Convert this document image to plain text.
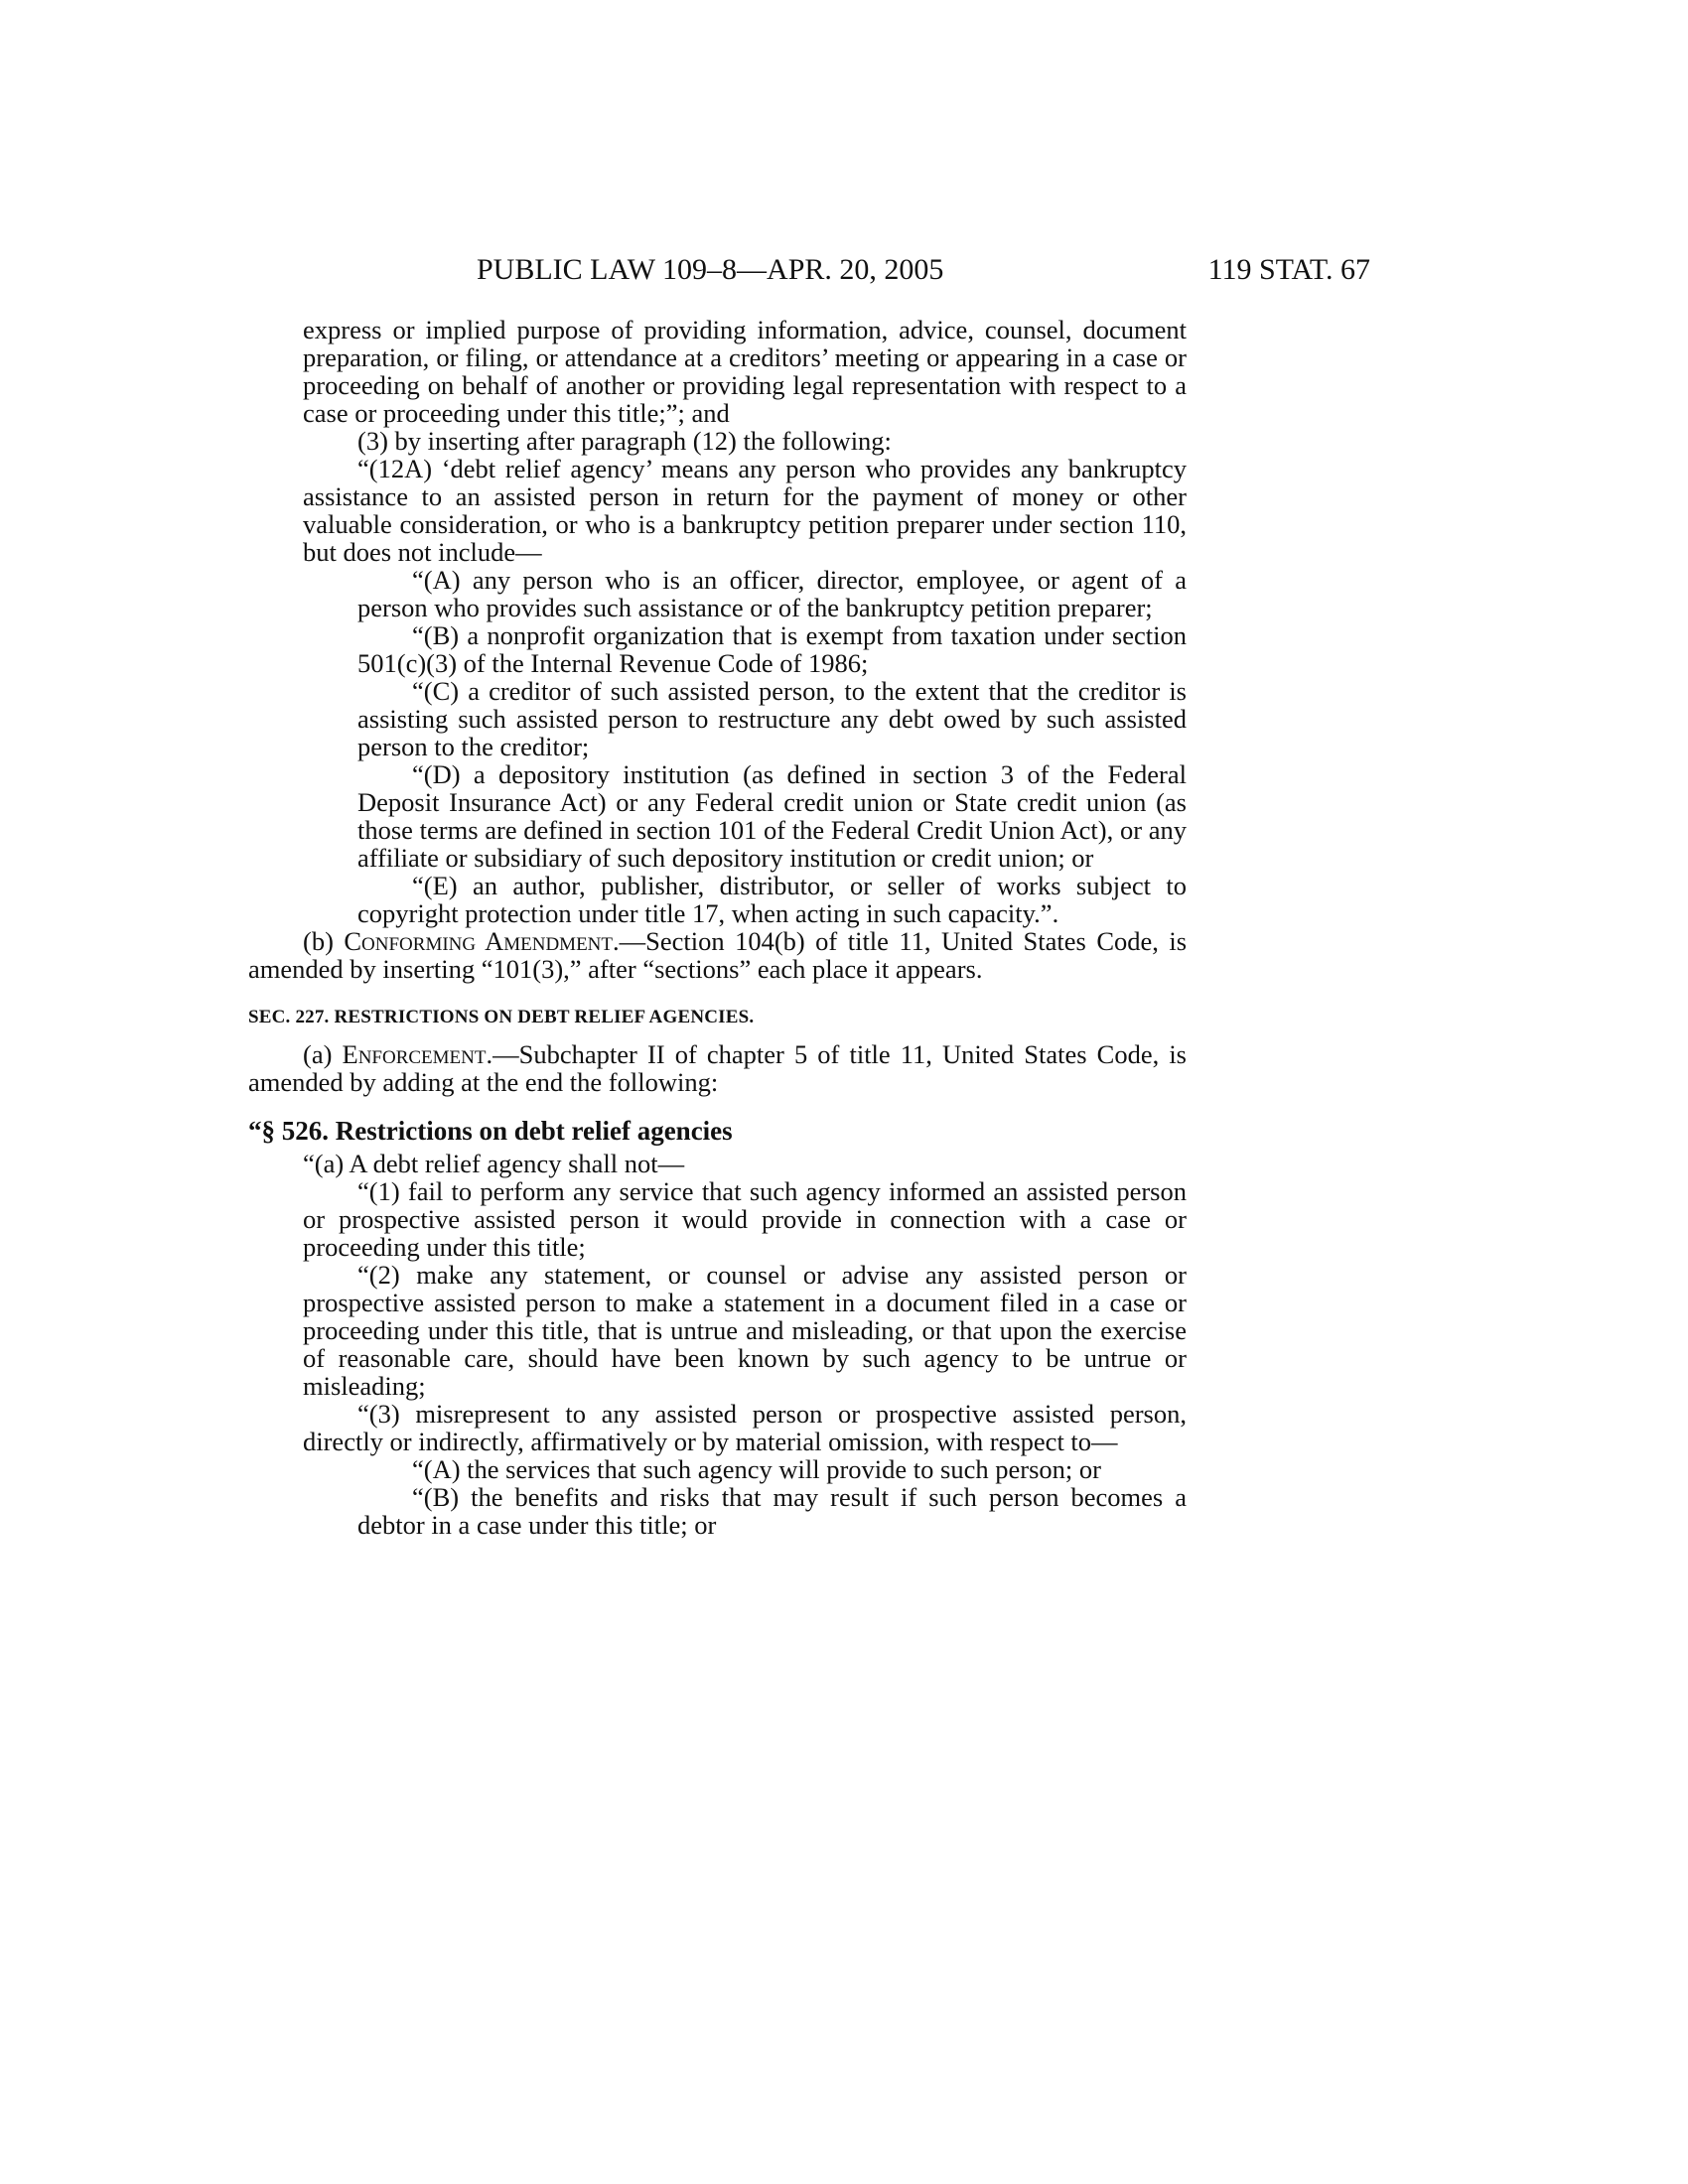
PUBLIC LAW 109–8—APR. 20, 2005	119 STAT. 67

express or implied purpose of providing information, advice, counsel, document preparation, or filing, or attendance at a creditors’ meeting or appearing in a case or proceeding on behalf of another or providing legal representation with respect to a case or proceeding under this title;”; and

(3) by inserting after paragraph (12) the following:

“(12A) ‘debt relief agency’ means any person who provides any bankruptcy assistance to an assisted person in return for the payment of money or other valuable consideration, or who is a bankruptcy petition preparer under section 110, but does not include—

“(A) any person who is an officer, director, employee, or agent of a person who provides such assistance or of the bankruptcy petition preparer;

“(B) a nonprofit organization that is exempt from taxation under section 501(c)(3) of the Internal Revenue Code of 1986;

“(C) a creditor of such assisted person, to the extent that the creditor is assisting such assisted person to restructure any debt owed by such assisted person to the creditor;

“(D) a depository institution (as defined in section 3 of the Federal Deposit Insurance Act) or any Federal credit union or State credit union (as those terms are defined in section 101 of the Federal Credit Union Act), or any affiliate or subsidiary of such depository institution or credit union; or

“(E) an author, publisher, distributor, or seller of works subject to copyright protection under title 17, when acting in such capacity.”.

(b) Conforming Amendment.—Section 104(b) of title 11, United States Code, is amended by inserting “101(3),” after “sections” each place it appears.

SEC. 227. RESTRICTIONS ON DEBT RELIEF AGENCIES.

(a) Enforcement.—Subchapter II of chapter 5 of title 11, United States Code, is amended by adding at the end the following:

“§ 526. Restrictions on debt relief agencies

“(a) A debt relief agency shall not—

“(1) fail to perform any service that such agency informed an assisted person or prospective assisted person it would provide in connection with a case or proceeding under this title;

“(2) make any statement, or counsel or advise any assisted person or prospective assisted person to make a statement in a document filed in a case or proceeding under this title, that is untrue and misleading, or that upon the exercise of reasonable care, should have been known by such agency to be untrue or misleading;

“(3) misrepresent to any assisted person or prospective assisted person, directly or indirectly, affirmatively or by material omission, with respect to—

“(A) the services that such agency will provide to such person; or

“(B) the benefits and risks that may result if such person becomes a debtor in a case under this title; or
